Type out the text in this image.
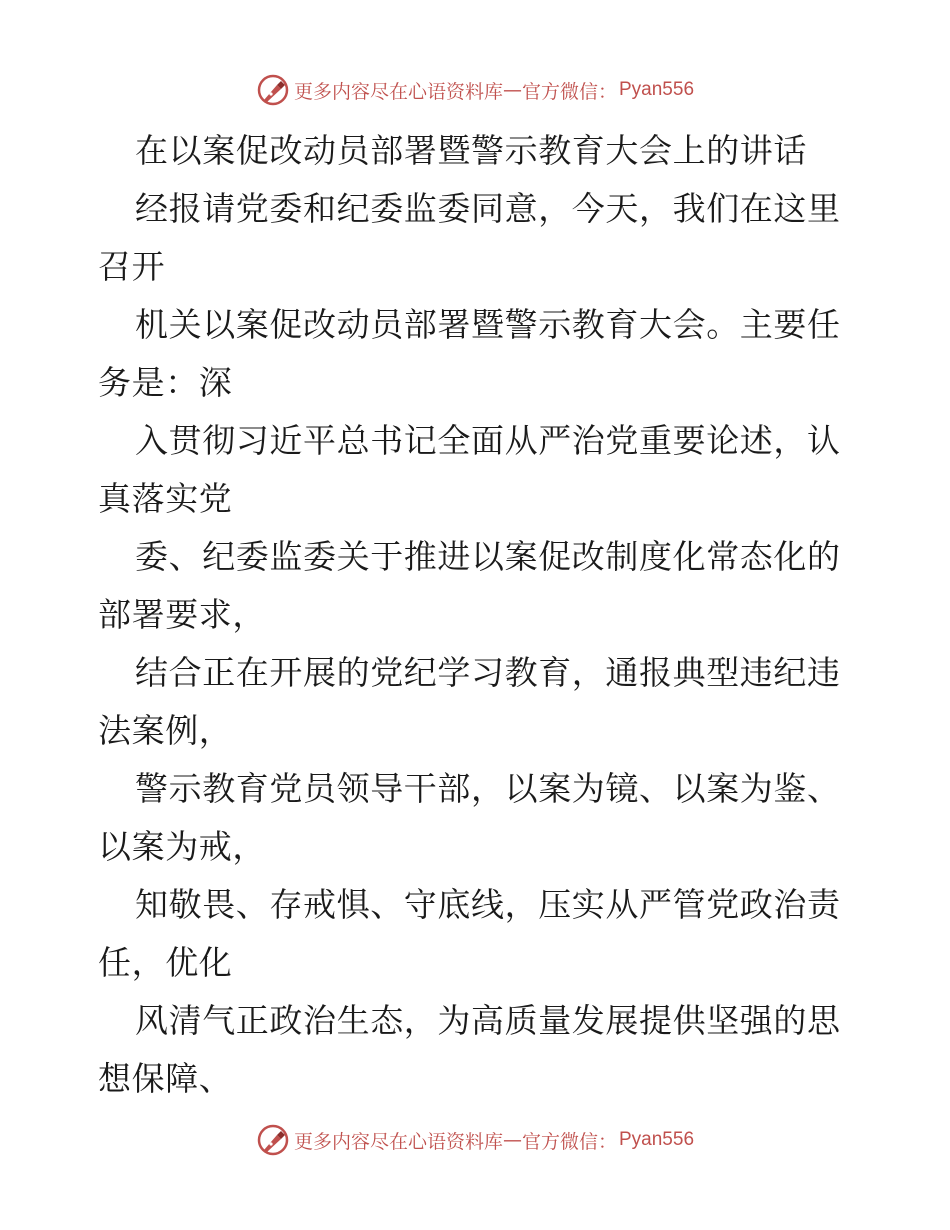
更多内容尽在心语资料库 — 官方微信： Pyan556
在以案促改动员部署暨警示教育大会上的讲话
经报请党委和纪委监委同意，今天，我们在这里
召开
机关以案促改动员部署暨警示教育大会。主要任
务是：深
入贯彻习近平总书记全面从严治党重要论述，认
真落实党
委、纪委监委关于推进以案促改制度化常态化的
部署要求，
结合正在开展的党纪学习教育，通报典型违纪违
法案例，
警示教育党员领导干部，以案为镜、以案为鉴、
以案为戒，
知敬畏、存戒惧、守底线，压实从严管党政治责
任，优化
风清气正政治生态，为高质量发展提供坚强的思
想保障、
更多内容尽在心语资料库 — 官方微信： Pyan556
